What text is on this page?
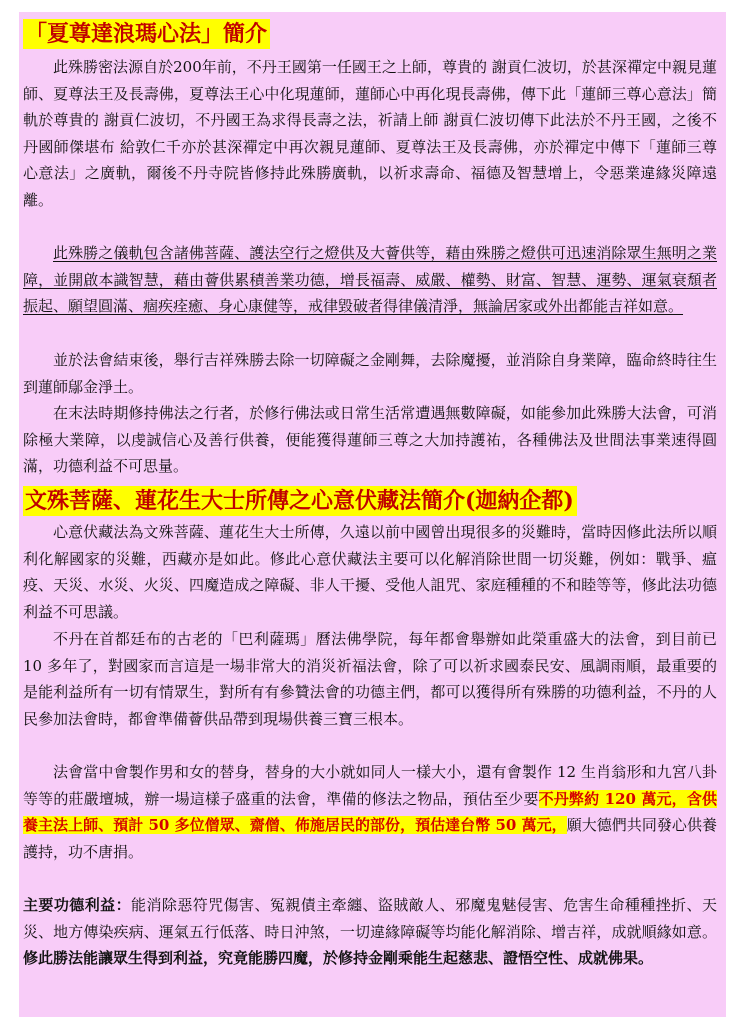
「夏尊達浪瑪心法」簡介
此殊勝密法源自於200年前，不丹王國第一任國王之上師，尊貴的 謝貢仁波切，於甚深禪定中親見蓮師、夏尊法王及長壽佛，夏尊法王心中化現蓮師，蓮師心中再化現長壽佛，傳下此「蓮師三尊心意法」簡軌於尊貴的 謝貢仁波切，不丹國王為求得長壽之法，祈請上師 謝貢仁波切傳下此法於不丹王國，之後不丹國師傑堪布 給敦仁千亦於甚深禪定中再次親見蓮師、夏尊法王及長壽佛，亦於禪定中傳下「蓮師三尊心意法」之廣軌，爾後不丹寺院皆修持此殊勝廣軌，以祈求壽命、福德及智慧增上，令惡業違緣災障遠離。
此殊勝之儀軌包含諸佛菩薩、護法空行之燈供及大薈供等，藉由殊勝之燈供可迅速消除眾生無明之業障，並開啟本識智慧，藉由薈供累積善業功德，增長福壽、威嚴、權勢、財富、智慧、運勢、運氣衰頹者振起、願望圓滿、痼疾痊癒、身心康健等，戒律毀破者得律儀清淨，無論居家或外出都能吉祥如意。
並於法會結束後，舉行吉祥殊勝去除一切障礙之金剛舞，去除魔擾，並消除自身業障，臨命終時往生到蓮師鄔金淨土。
在末法時期修持佛法之行者，於修行佛法或日常生活常遭遇無數障礙，如能參加此殊勝大法會，可消除極大業障，以虔誠信心及善行供養，便能獲得蓮師三尊之大加持護祐，各種佛法及世間法事業速得圓滿，功德利益不可思量。
文殊菩薩、蓮花生大士所傳之心意伏藏法簡介(迦納企都)
心意伏藏法為文殊菩薩、蓮花生大士所傳，久遠以前中國曾出現很多的災難時，當時因修此法所以順利化解國家的災難，西藏亦是如此。修此心意伏藏法主要可以化解消除世間一切災難，例如：戰爭、瘟疫、天災、水災、火災、四魔造成之障礙、非人干擾、受他人詛咒、家庭種種的不和睦等等，修此法功德利益不可思議。
不丹在首都廷布的古老的「巴利薩瑪」曆法佛學院，每年都會舉辦如此榮重盛大的法會，到目前已 10 多年了，對國家而言這是一場非常大的消災祈福法會，除了可以祈求國泰民安、風調雨順，最重要的是能利益所有一切有情眾生，對所有有參贊法會的功德主們，都可以獲得所有殊勝的功德利益，不丹的人民參加法會時，都會準備薈供品帶到現場供養三寶三根本。
法會當中會製作男和女的替身，替身的大小就如同人一樣大小，還有會製作 12 生肖翁形和九宮八卦等等的莊嚴壇城，辦一場這樣子盛重的法會，準備的修法之物品，預估至少要不丹弊約 120 萬元，含供養主法上師、預計 50 多位僧眾、齋僧、佈施居民的部份，預估達台幣 50 萬元，願大德們共同發心供養護持，功不唐捐。
主要功德利益：能消除惡符咒傷害、冤親債主牽纏、盜賊敵人、邪魔鬼魅侵害、危害生命種種挫折、天災、地方傳染疾病、運氣五行低落、時日沖煞，一切違緣障礙等均能化解消除、增吉祥，成就順緣如意。修此勝法能讓眾生得到利益，究竟能勝四魔，於修持金剛乘能生起慈悲、證悟空性、成就佛果。
